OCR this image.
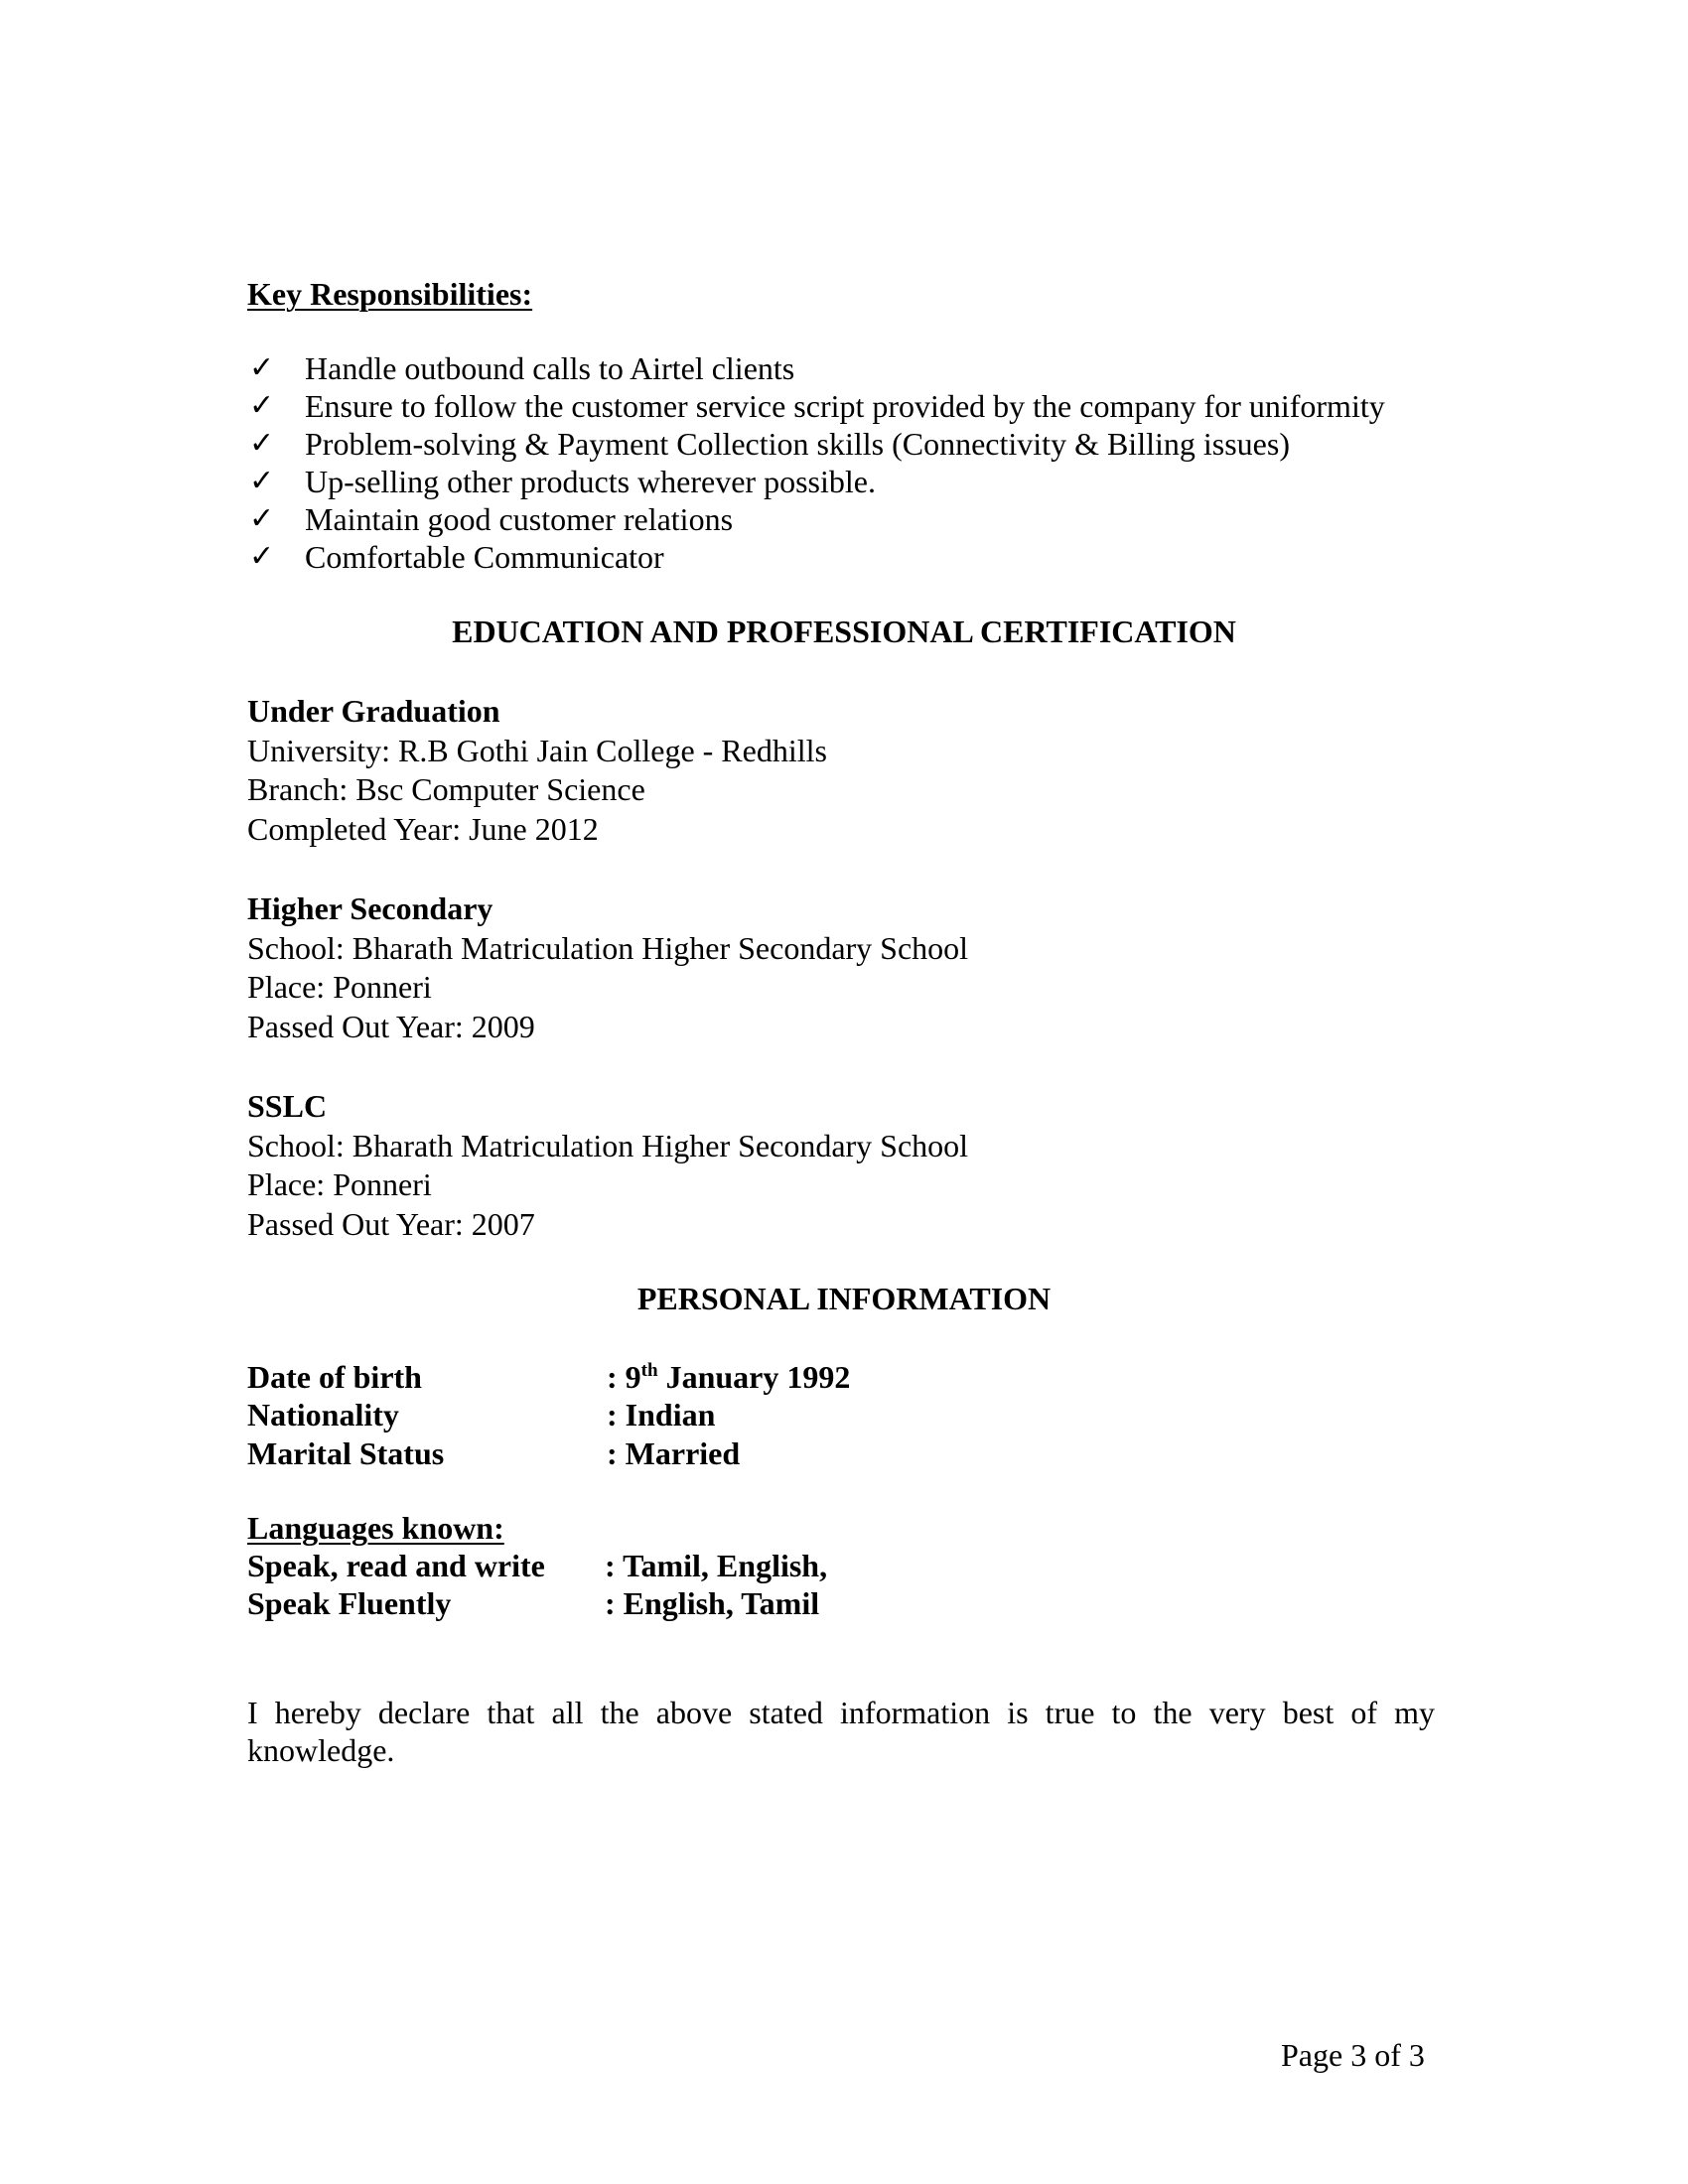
Key Responsibilities:
✓ Handle outbound calls to Airtel clients
✓ Ensure to follow the customer service script provided by the company for uniformity
✓ Problem-solving & Payment Collection skills (Connectivity & Billing issues)
✓ Up-selling other products wherever possible.
✓ Maintain good customer relations
✓ Comfortable Communicator
EDUCATION AND PROFESSIONAL CERTIFICATION
Under Graduation
University: R.B Gothi Jain College - Redhills
Branch: Bsc Computer Science
Completed Year: June 2012
Higher Secondary
School: Bharath Matriculation Higher Secondary School
Place: Ponneri
Passed Out Year: 2009
SSLC
School: Bharath Matriculation Higher Secondary School
Place: Ponneri
Passed Out Year: 2007
PERSONAL INFORMATION
Date of birth	: 9th January 1992
Nationality	: Indian
Marital Status	: Married
Languages known:
Speak, read and write : Tamil, English,
Speak Fluently	: English, Tamil
I hereby declare that all the above stated information is true to the very best of my knowledge.
Page 3 of 3
